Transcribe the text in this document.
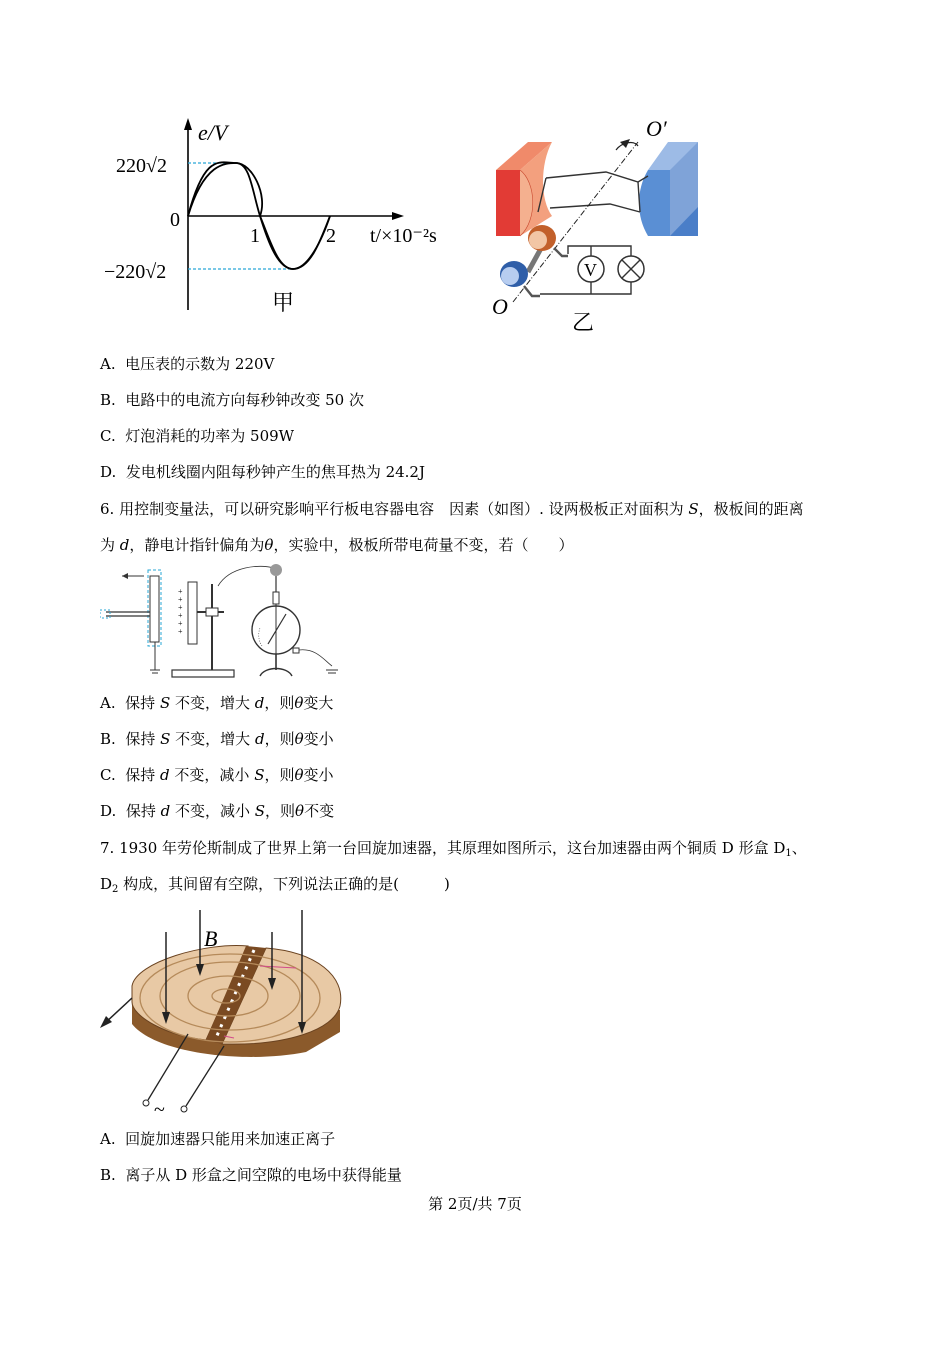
e/V
220√2
0
−220√2
1	2 t/×10⁻²s
甲
V
O′
O
乙
A. 电压表的示数为 220V
B. 电路中的电流方向每秒钟改变 50 次
C. 灯泡消耗的功率为 509W
D. 发电机线圈内阻每秒钟产生的焦耳热为 24.2J
6. 用控制变量法，可以研究影响平行板电容器电容　因素（如图）. 设两极板正对面积为 S，极板间的距离
为 d，静电计指针偏角为θ，实验中，极板所带电荷量不变，若（　　）
+
+
+
+
+
+
A. 保持 S 不变，增大 d，则θ变大
B. 保持 S 不变，增大 d，则θ变小
C. 保持 d 不变，减小 S，则θ变小
D. 保持 d 不变，减小 S，则θ不变
7. 1930 年劳伦斯制成了世界上第一台回旋加速器，其原理如图所示，这台加速器由两个铜质 D 形盒 $D_1$、
$D_2$ 构成，其间留有空隙，下列说法正确的是(　　　)
B
~
A. 回旋加速器只能用来加速正离子
B. 离子从 D 形盒之间空隙的电场中获得能量
第 2页/共 7页
